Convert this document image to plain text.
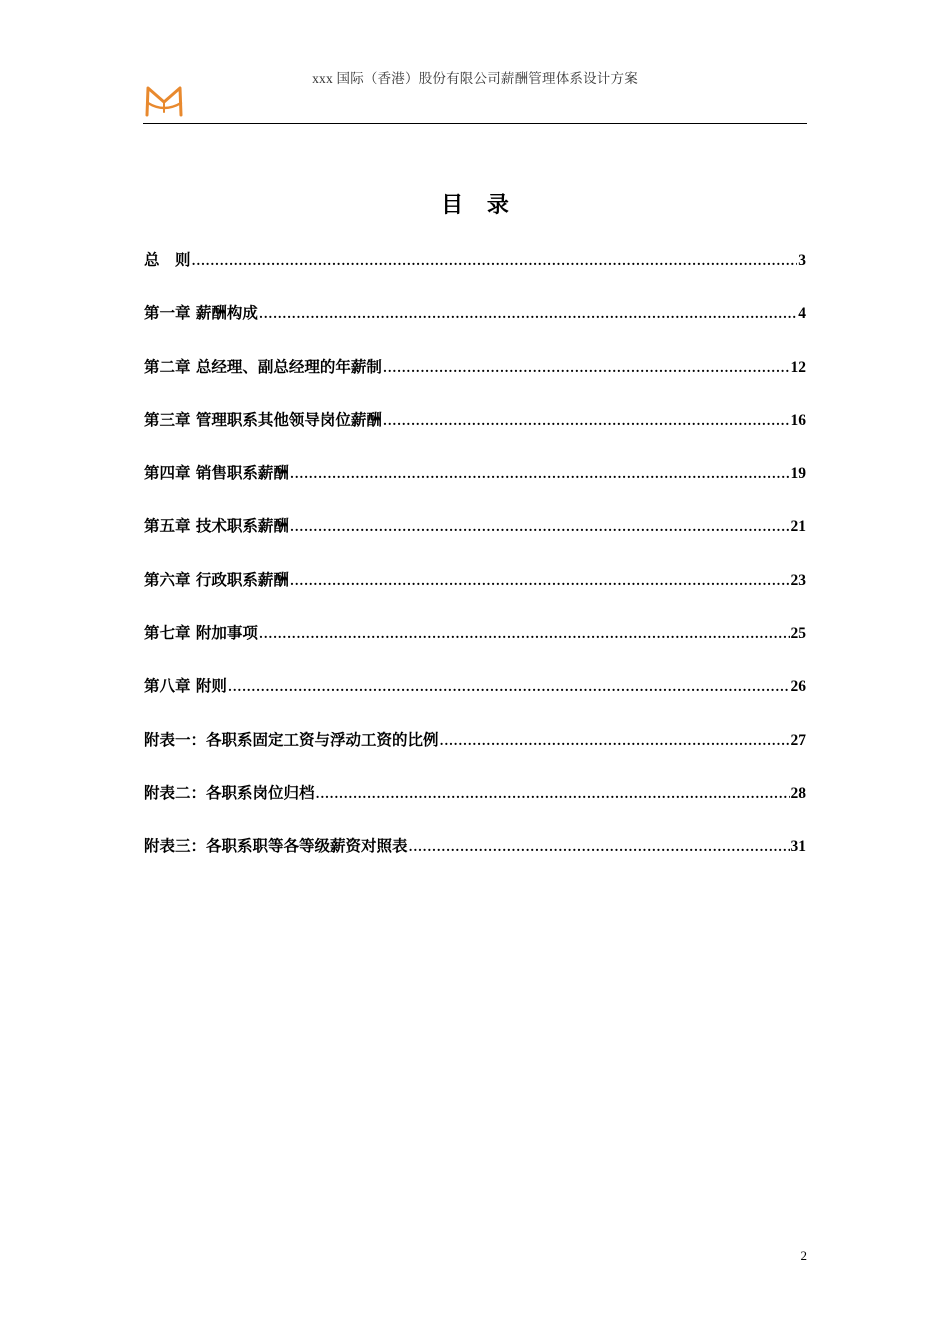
xxx 国际（香港）股份有限公司薪酬管理体系设计方案
目 录
总　则 .....	3
第一章 薪酬构成 .....	4
第二章 总经理、副总经理的年薪制 .....	12
第三章 管理职系其他领导岗位薪酬 .....	16
第四章 销售职系薪酬 .....	19
第五章 技术职系薪酬 .....	21
第六章 行政职系薪酬 .....	23
第七章 附加事项 .....	25
第八章 附则 .....	26
附表一：各职系固定工资与浮动工资的比例 .....	27
附表二：各职系岗位归档 .....	28
附表三：各职系职等各等级薪资对照表 .....	31
2
